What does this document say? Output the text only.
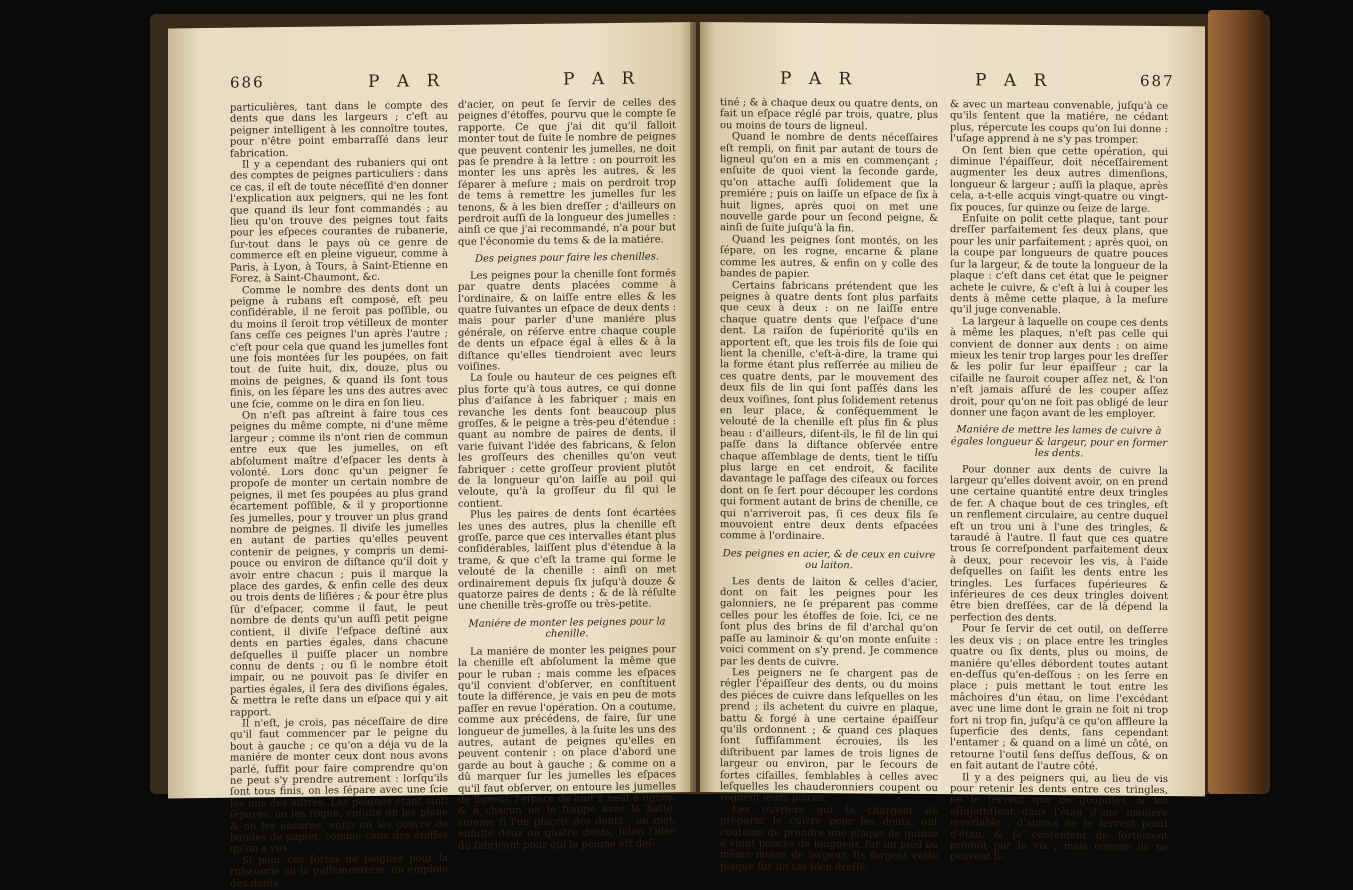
686	P A R	P A R

particulières, tant dans le compte des dents que dans les largeurs ; c'eſt au peigner intelligent à les connoître toutes, pour n'être point embarraſſé dans leur fabrication.

Il y a cependant des rubaniers qui ont des comptes de peignes particuliers : dans ce cas, il eſt de toute néceſſité d'en donner l'explication aux peigners, qui ne les font que quand ils leur font commandés ; au lieu qu'on trouve des peignes tout faits pour les eſpeces courantes de rubanerie, ſur-tout dans le pays où ce genre de commerce eſt en pleine vigueur, comme à Paris, à Lyon, à Tours, à Saint-Etienne en Forez, à Saint-Chaumont, &c.

Comme le nombre des dents dont un peigne à rubans eſt composé, eſt peu conſidérable, il ne ſeroit pas poſſible, ou du moins il ſeroit trop vétilleux de monter ſans ceſſe ces peignes l'un après l'autre ; c'eſt pour cela que quand les jumelles font une fois montées ſur les poupées, on fait tout de ſuite huit, dix, douze, plus ou moins de peignes, & quand ils ſont tous finis, on les ſépare les uns des autres avec une ſcie, comme on le dira en ſon lieu.

On n'eſt pas aſtreint à faire tous ces peignes du même compte, ni d'une même largeur ; comme ils n'ont rien de commun entre eux que les jumelles, on eſt abſolument maître d'eſpacer les dents à volonté. Lors donc qu'un peigner ſe propoſe de monter un certain nombre de peignes, il met ſes poupées au plus grand écartement poſſible, & il y proportionne ſes jumelles, pour y trouver un plus grand nombre de peignes. Il diviſe les jumelles en autant de parties qu'elles peuvent contenir de peignes, y compris un demi-pouce ou environ de diſtance qu'il doit y avoir entre chacun ; puis il marque la place des gardes, & enfin celle des deux ou trois dents de liſiéres ; & pour être plus ſûr d'eſpacer, comme il faut, le peut nombre de dents qu'un auſſi petit peigne contient, il diviſe l'eſpace deſtiné aux dents en parties égales, dans chacune deſquelles il puiſſe placer un nombre connu de dents ; ou ſi le nombre étoit impair, ou ne pouvoit pas ſe diviſer en parties égales, il ſera des diviſions égales, & mettra le reſte dans un eſpace qui y ait rapport.

Il n'eſt, je crois, pas néceſſaire de dire qu'il faut commencer par le peigne du bout à gauche ; ce qu'on a déja vu de la maniére de monter ceux dont nous avons parlé, ſuffit pour faire comprendre qu'on ne peut s'y prendre autrement : lorſqu'ils ſont tous finis, on les ſépare avec une ſcie les uns des autres. Les peignes étant ainſi ſéparés, on les rogne, enſuite on les plane & on les encarne, enfin on les couvre de bandes de papier, comme ceux des étoffes qu'on a vus.

Si pour ces ſortes de peignes pour la rubanerie ou la paſſementerie, on emploie des dents

d'acier, on peut ſe ſervir de celles des peignes d'étoffes, pourvu que le compte ſe rapporte. Ce que j'ai dit qu'il falloit monter tout de ſuite le nombre de peignes que peuvent contenir les jumelles, ne doit pas ſe prendre à la lettre : on pourroit les monter les uns après les autres, & les ſéparer à meſure ; mais on perdroit trop de tems à remettre les jumelles ſur les tenons, & à les bien dreſſer ; d'ailleurs on perdroit auſſi de la longueur des jumelles : ainſi ce que j'ai recommandé, n'a pour but que l'économie du tems & de la matiére.

Des peignes pour faire les chenilles.

Les peignes pour la chenille ſont formés par quatre dents placées comme à l'ordinaire, & on laiſſe entre elles & les quatre ſuivantes un eſpace de deux dents : mais pour parler d'une maniére plus générale, on réſerve entre chaque couple de dents un eſpace égal à elles & à la diſtance qu'elles tiendroient avec leurs voiſines.

La ſoule ou hauteur de ces peignes eſt plus forte qu'à tous autres, ce qui donne plus d'aiſance à les fabriquer ; mais en revanche les dents ſont beaucoup plus groſſes, & le peigne a très-peu d'étendue : quant au nombre de paires de dents, il varie ſuivant l'idée des fabricans, & ſelon les groſſeurs des chenilles qu'on veut fabriquer : cette groſſeur provient plutôt de la longueur qu'on laiſſe au poil qui veloute, qu'à la groſſeur du fil qui le contient.

Plus les paires de dents ſont écartées les unes des autres, plus la chenille eſt groſſe, parce que ces intervalles étant plus conſidérables, laiſſent plus d'étendue à la trame, & que c'eſt la trame qui forme le velouté de la chenille : ainſi on met ordinairement depuis ſix juſqu'à douze & quatorze paires de dents ; & de là réſulte une chenille très-groſſe ou très-petite.

Maniére de monter les peignes pour la chenille.

La maniére de monter les peignes pour la chenille eſt abſolument la même que pour le ruban ; mais comme les eſpaces qu'il convient d'obſerver, en conſtituent toute la différence, je vais en peu de mots paſſer en revue l'opération. On a coutume, comme aux précédens, de faire, ſur une longueur de jumelles, à la ſuite les uns des autres, autant de peignes qu'elles en peuvent contenir : on place d'abord une garde au bout à gauche ; & comme on a dû marquer ſur les jumelles les eſpaces qu'il faut obſerver, on entoure les jumelles de ligneul, l'eſpace de huit à neuf à lignes, & à chacun on le frappe avec la batte, comme ſi l'on plaçoit des dents ; on met, enſuite deux ou quatre dents, ſelon l'idée du fabricant pour qui le peigne eſt deſ-

P A R	P A R	687

tiné ; & à chaque deux ou quatre dents, on fait un eſpace réglé par trois, quatre, plus ou moins de tours de ligneul.

Quand le nombre de dents néceſſaires eſt rempli, on finit par autant de tours de ligneul qu'on en a mis en commençant ; enſuite de quoi vient la ſeconde garde, qu'on attache auſſi ſolidement que la premiére ; puis on laiſſe un eſpace de ſix à huit lignes, après quoi on met une nouvelle garde pour un ſecond peigne, & ainſi de ſuite juſqu'à la fin.

Quand les peignes ſont montés, on les ſépare, on les rogne, encarne & plane comme les autres, & enfin on y colle des bandes de papier.

Certains fabricans prétendent que les peignes à quatre dents ſont plus parfaits que ceux à deux : on ne laiſſe entre chaque quatre dents que l'eſpace d'une dent. La raiſon de ſupériorité qu'ils en apportent eſt, que les trois fils de ſoie qui lient la chenille, c'eſt-à-dire, la trame qui la forme étant plus reſſerrée au milieu de ces quatre dents, par le mouvement des deux fils de lin qui ſont paſſés dans les deux voiſines, ſont plus ſolidement retenus en leur place, & conſéquemment le velouté de la chenille eſt plus fin & plus beau : d'ailleurs, diſent-ils, le fil de lin qui paſſe dans la diſtance obſervée entre chaque aſſemblage de dents, tient le tiſſu plus large en cet endroit, & facilite davantage le paſſage des ciſeaux ou forces dont on ſe ſert pour découper les cordons qui forment autant de brins de chenille, ce qui n'arriveroit pas, ſi ces deux fils ſe mouvoient entre deux dents eſpacées comme à l'ordinaire.

Des peignes en acier, & de ceux en cuivre ou laiton.

Les dents de laiton & celles d'acier, dont on fait les peignes pour les galonniers, ne ſe préparent pas comme celles pour les étoffes de ſoie. Ici, ce ne ſont plus des brins de fil d'archal qu'on paſſe au laminoir & qu'on monte enſuite : voici comment on s'y prend. Je commence par les dents de cuivre.

Les peigners ne ſe chargent pas de régler l'épaiſſeur des dents, ou du moins des piéces de cuivre dans leſquelles on les prend ; ils achetent du cuivre en plaque, battu & forgé à une certaine épaiſſeur qu'ils ordonnent ; & quand ces plaques ſont ſuffiſamment écrouies, ils les diſtribuent par lames de trois lignes de largeur ou environ, par le ſecours de fortes ciſailles, ſemblables à celles avec leſquelles les chauderonniers coupent ou rognent leurs piéces.

Les ouvriers qui ſe chargent de préparer le cuivre pour les dents, ont coutume de prendre une plaque de quinze à vingt pouces de longueur, ſur un pied ou même moins de largeur. Ils forgent cette plaque ſur un tas bien dreſſé,

& avec un marteau convenable, juſqu'à ce qu'ils ſentent que la matiére, ne cédant plus, répercute les coups qu'on lui donne : l'uſage apprend à ne s'y pas tromper.

On ſent bien que cette opération, qui diminue l'épaiſſeur, doit néceſſairement augmenter les deux autres dimenſions, longueur & largeur ; auſſi la plaque, après cela, a-t-elle acquis vingt-quatre ou vingt-ſix pouces, ſur quinze ou ſeize de large.

Enſuite on polit cette plaque, tant pour dreſſer parfaitement ſes deux plans, que pour les unir parfaitement ; après quoi, on la coupe par longueurs de quatre pouces ſur la largeur, & de toute la longueur de la plaque : c'eſt dans cet état que le peigner achete le cuivre, & c'eſt à lui à couper les dents à même cette plaque, à la meſure qu'il juge convenable.

La largeur à laquelle on coupe ces dents à même les plaques, n'eſt pas celle qui convient de donner aux dents : on aime mieux les tenir trop larges pour les dreſſer & les polir ſur leur épaiſſeur ; car la ciſaille ne ſauroit couper aſſez net, & l'on n'eſt jamais aſſuré de les couper aſſez droit, pour qu'on ne ſoit pas obligé de leur donner une façon avant de les employer.

Maniére de mettre les lames de cuivre à égales longueur & largeur, pour en former les dents.

Pour donner aux dents de cuivre la largeur qu'elles doivent avoir, on en prend une certaine quantité entre deux tringles de fer. A chaque bout de ces tringles, eſt un renflement circulaire, au centre duquel eſt un trou uni à l'une des tringles, & taraudé à l'autre. Il faut que ces quatre trous ſe correſpondent parfaitement deux à deux, pour recevoir les vis, à l'aide deſquelles on ſaiſit les dents entre les tringles. Les ſurfaces ſupérieures & inférieures de ces deux tringles doivent être bien dreſſées, car de là dépend la perfection des dents.

Pour ſe ſervir de cet outil, on deſſerre les deux vis ; on place entre les tringles quatre ou ſix dents, plus ou moins, de maniére qu'elles débordent toutes autant en-deſſus qu'en-deſſous : on les ſerre en place ; puis mettant le tout entre les mâchoires d'un étau, on lime l'excédant avec une lime dont le grain ne ſoit ni trop fort ni trop fin, juſqu'à ce qu'on affleure la ſuperficie des dents, ſans cependant l'entamer ; & quand on a limé un côté, on retourne l'outil ſens deſſus deſſous, & on en fait autant de l'autre côté.

Il y a des peigners qui, au lieu de vis pour retenir les dents entre ces tringles, ne ſe ſervent que de goupilles, & les aſſujettiſſent dans l'étau d'une maniére invariable : d'autres ne ſe ſervent point d'étau, & ſe contentent de fortement produit par la vis ; mais comme ils ne peuvent li-
